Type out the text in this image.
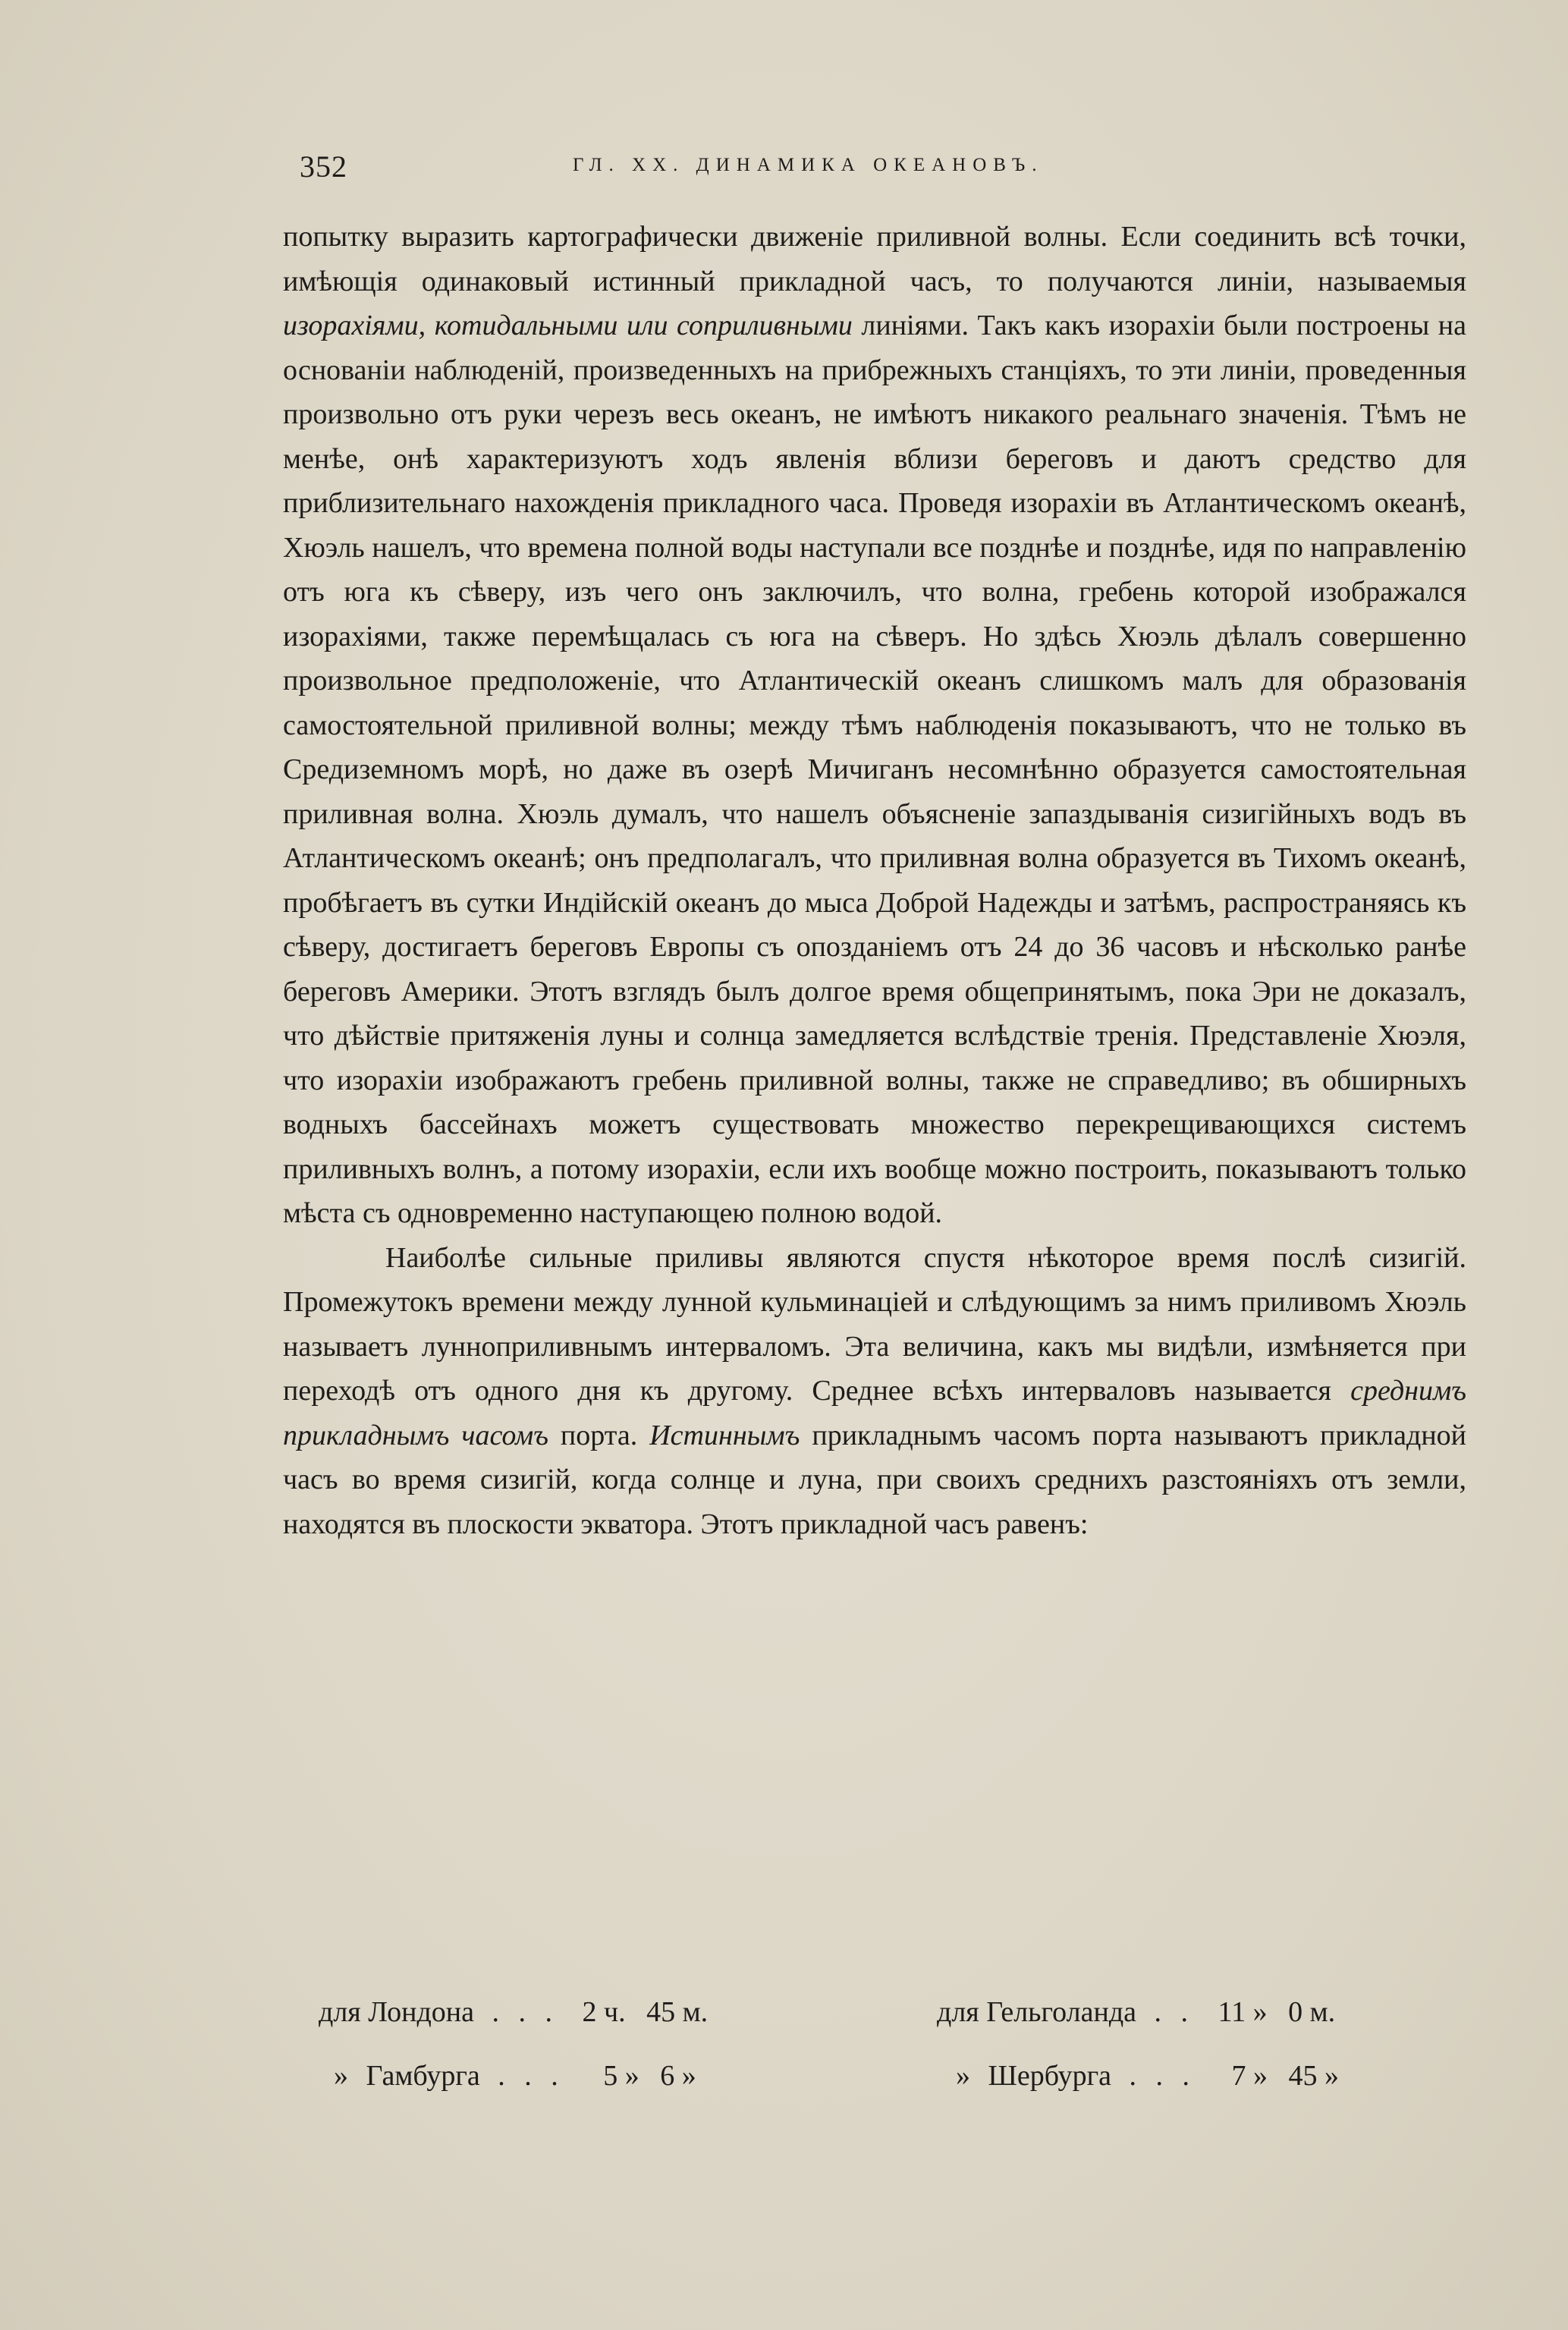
352	ГЛ. XX. ДИНАМИКА ОКЕАНОВЪ.

попытку выразить картографически движеніе приливной волны. Если соединить всѣ точки, имѣющія одинаковый истинный прикладной часъ, то получаются линіи, называемыя изорахіями, котидальными или соприливными линіями. Такъ какъ изорахіи были построены на основаніи наблюденій, произведенныхъ на прибрежныхъ станціяхъ, то эти линіи, проведенныя произвольно отъ руки черезъ весь океанъ, не имѣютъ никакого реальнаго значенія. Тѣмъ не менѣе, онѣ характеризуютъ ходъ явленія вблизи береговъ и даютъ средство для приблизительнаго нахожденія прикладного часа. Проведя изорахіи въ Атлантическомъ океанѣ, Хюэль нашелъ, что времена полной воды наступали все позднѣе и позднѣе, идя по направленію отъ юга къ сѣверу, изъ чего онъ заключилъ, что волна, гребень которой изображался изорахіями, также перемѣщалась съ юга на сѣверъ. Но здѣсь Хюэль дѣлалъ совершенно произвольное предположеніе, что Атлантическій океанъ слишкомъ малъ для образованія самостоятельной приливной волны; между тѣмъ наблюденія показываютъ, что не только въ Средиземномъ морѣ, но даже въ озерѣ Мичиганъ несомнѣнно образуется самостоятельная приливная волна. Хюэль думалъ, что нашелъ объясненіе запаздыванія сизигійныхъ водъ въ Атлантическомъ океанѣ; онъ предполагалъ, что приливная волна образуется въ Тихомъ океанѣ, пробѣгаетъ въ сутки Индійскій океанъ до мыса Доброй Надежды и затѣмъ, распространяясь къ сѣверу, достигаетъ береговъ Европы съ опозданіемъ отъ 24 до 36 часовъ и нѣсколько ранѣе береговъ Америки. Этотъ взглядъ былъ долгое время общепринятымъ, пока Эри не доказалъ, что дѣйствіе притяженія луны и солнца замедляется вслѣдствіе тренія. Представленіе Хюэля, что изорахіи изображаютъ гребень приливной волны, также не справедливо; въ обширныхъ водныхъ бассейнахъ можетъ существовать множество перекрещивающихся системъ приливныхъ волнъ, а потому изорахіи, если ихъ вообще можно построить, показываютъ только мѣста съ одновременно наступающею полною водой.

Наиболѣе сильные приливы являются спустя нѣкоторое время послѣ сизигій. Промежутокъ времени между лунной кульминаціей и слѣдующимъ за нимъ приливомъ Хюэль называетъ лунноприливнымъ интерваломъ. Эта величина, какъ мы видѣли, измѣняется при переходѣ отъ одного дня къ другому. Среднее всѣхъ интерваловъ называется среднимъ прикладнымъ часомъ порта. Истиннымъ прикладнымъ часомъ порта называютъ прикладной часъ во время сизигій, когда солнце и луна, при своихъ среднихъ разстояніяхъ отъ земли, находятся въ плоскости экватора. Этотъ прикладной часъ равенъ:

для Лондона . . . 2 ч. 45 м.	для Гельголанда . . 11 » 0 м.
» Гамбурга . . . 5 » 6 »	» Шербурга . . . 7 » 45 »
